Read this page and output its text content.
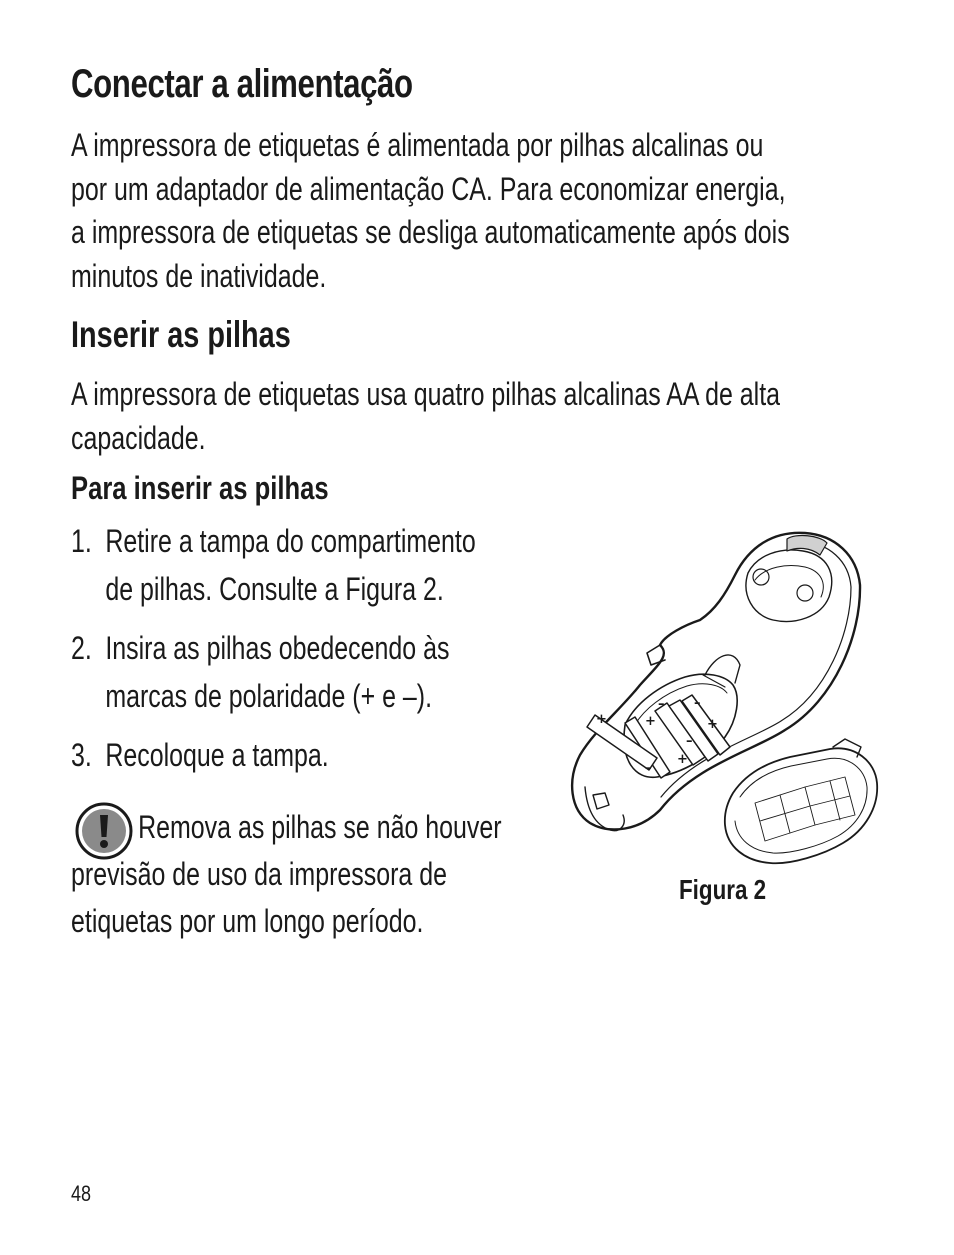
Conectar a alimentação
A impressora de etiquetas é alimentada por pilhas alcalinas ou
por um adaptador de alimentação CA. Para economizar energia,
a impressora de etiquetas se desliga automaticamente após dois
minutos de inatividade.
Inserir as pilhas
A impressora de etiquetas usa quatro pilhas alcalinas AA de alta
capacidade.
Para inserir as pilhas
1. Retire a tampa do compartimento
de pilhas. Consulte a Figura 2.
2. Insira as pilhas obedecendo às
marcas de polaridade (+ e –).
3. Recoloque a tampa.
Remova as pilhas se não houver
previsão de uso da impressora de
etiquetas por um longo período.
+
–
+
–
+
–
+
–
Figura 2
48
